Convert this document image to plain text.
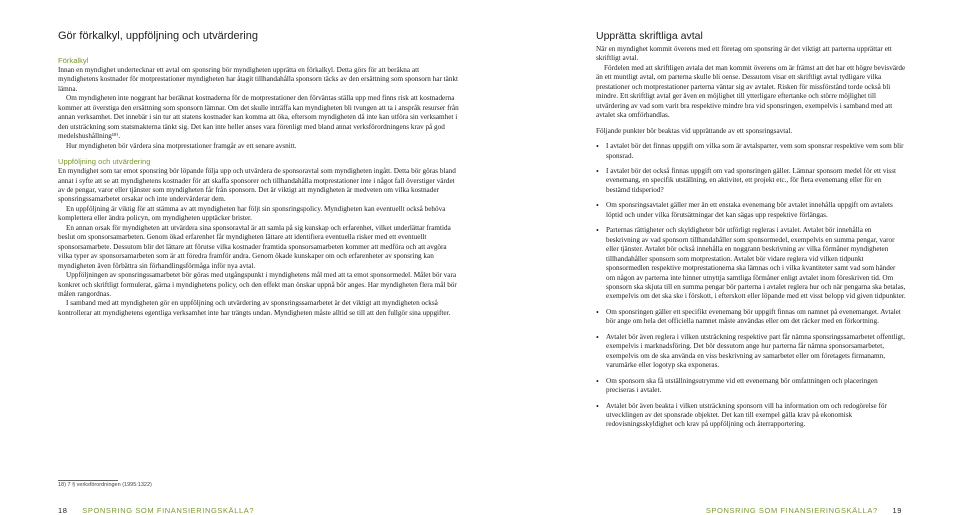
Gör förkalkyl, uppföljning och utvärdering
Förkalkyl

Innan en myndighet undertecknar ett avtal om sponsring bör myndigheten upprätta en förkalkyl. Detta görs för att beräkna att myndighetens kostnader för motprestationer myndigheten har åtagit tillhandahålla sponsorn täcks av den ersättning som sponsorn har tänkt lämna.

Om myndigheten inte noggrant har beräknat kostnaderna för de motprestationer den förväntas ställa upp med finns risk att kostnaderna kommer att överstiga den ersättning som sponsorn lämnar. Om det skulle inträffa kan myndigheten bli tvungen att ta i anspråk resurser från annan verksamhet. Det innebär i sin tur att statens kostnader kan komma att öka, eftersom myndigheten då inte kan utföra sin verksamhet i den utsträckning som statsmakterna tänkt sig. Det kan inte heller anses vara förenligt med bland annat verksförordningens krav på god medelshushållning¹⁸⁾.

Hur myndigheten bör värdera sina motprestationer framgår av ett senare avsnitt.

Uppföljning och utvärdering

En myndighet som tar emot sponsring bör löpande följa upp och utvärdera de sponsoravtal som myndigheten ingått. Detta bör göras bland annat i syfte att se att myndighetens kostnader för att skaffa sponsorer och tillhandahålla motprestationer inte i något fall överstiger värdet av de pengar, varor eller tjänster som myndigheten får från sponsorn. Det är viktigt att myndigheten är medveten om vilka kostnader sponsringssamarbetet orsakar och inte undervärderar dem.

En uppföljning är viktig för att stämma av att myndigheten har följt sin sponsringspolicy. Myndigheten kan eventuellt också behöva komplettera eller ändra policyn, om myndigheten upptäcker brister.

En annan orsak för myndigheten att utvärdera sina sponsoravtal är att samla på sig kunskap och erfarenhet, vilket underlättar framtida beslut om sponsorsamarbeten. Genom ökad erfarenhet får myndigheten lättare att identifiera eventuella risker med ett eventuellt sponsorsamarbete. Dessutom blir det lättare att förutse vilka kostnader framtida sponsorsamarbeten kommer att medföra och att avgöra vilka typer av sponsorsamarbeten som är att föredra framför andra. Genom ökade kunskaper om och erfarenheter av sponsring kan myndigheten även förbättra sin förhandlingsförmåga inför nya avtal.

Uppföljningen av sponsringssamarbetet bör göras med utgångspunkt i myndighetens mål med att ta emot sponsormedel. Målet bör vara konkret och skriftligt formulerat, gärna i myndighetens policy, och den effekt man önskar uppnå bör anges. Har myndigheten flera mål bör målen rangordnas.

I samband med att myndigheten gör en uppföljning och utvärdering av sponsringssamarbetet är det viktigt att myndigheten också kontrollerar att myndighetens egentliga verksamhet inte har trängts undan. Myndigheten måste alltid se till att den fullgör sina uppgifter.

18) 7 § verksförordningen (1995:1322)
Upprätta skriftliga avtal

När en myndighet kommit överens med ett företag om sponsring är det viktigt att parterna upprättar ett skriftligt avtal.

Fördelen med att skriftligen avtala det man kommit överens om är främst att det har ett högre bevisvärde än ett muntligt avtal, om parterna skulle bli oense. Dessutom visar ett skriftligt avtal tydligare vilka prestationer och motprestationer parterna väntar sig av avtalet. Risken för missförstånd torde också bli mindre. Ett skriftligt avtal ger även en möjlighet till ytterligare eftertanke och större möjlighet till utvärdering av vad som varit bra respektive mindre bra vid sponsringen, exempelvis i samband med att avtalet ska omförhandlas.

Följande punkter bör beaktas vid upprättande av ett sponsringsavtal.

• I avtalet bör det finnas uppgift om vilka som är avtalsparter, vem som sponsrar respektive vem som blir sponsrad.
• I avtalet bör det också finnas uppgift om vad sponsringen gäller. Lämnar sponsorn medel för ett visst evenemang, en specifik utställning, en aktivitet, ett projekt etc., för flera evenemang eller för en bestämd tidsperiod?
• Om sponsringsavtalet gäller mer än ett enstaka evenemang bör avtalet innehålla uppgift om avtalets löptid och under vilka förutsättningar det kan sägas upp respektive förlängas.
• Parternas rättigheter och skyldigheter bör utförligt regleras i avtalet. Avtalet bör innehålla en beskrivning av vad sponsorn tillhandahåller som sponsormedel, exempelvis en summa pengar, varor eller tjänster. Avtalet bör också innehålla en noggrann beskrivning av vilka förmåner myndigheten tillhandahåller sponsorn som motprestation. Avtalet bör vidare reglera vid vilken tidpunkt sponsormedlen respektive motprestationerna ska lämnas och i vilka kvantiteter samt vad som händer om någon av parterna inte hinner utnyttja samtliga förmåner enligt avtalet inom föreskriven tid. Om sponsorn ska skjuta till en summa pengar bör parterna i avtalet reglera hur och när pengarna ska betalas, exempelvis om det ska ske i förskott, i efterskott eller löpande med ett visst belopp vid given tidpunkter.
• Om sponsringen gäller ett specifikt evenemang bör uppgift finnas om namnet på evenemanget. Avtalet bör ange om hela det officiella namnet måste användas eller om det räcker med en förkortning.
• Avtalet bör även reglera i vilken utsträckning respektive part får nämna sponsringssamarbetet offentligt, exempelvis i marknadsföring. Det bör dessutom ange hur parterna får nämna sponsorsamarbetet, exempelvis om de ska använda en viss beskrivning av samarbetet eller om företagets firmanamn, varumärke eller logotyp ska exponeras.
• Om sponsorn ska få utställningsutrymme vid ett evenemang bör omfattningen och placeringen preciseras i avtalet.
• Avtalet bör även beakta i vilken utsträckning sponsorn vill ha information om och redogörelse för utvecklingen av det sponsrade objektet. Det kan till exempel gälla krav på ekonomisk redovisningsskyldighet och krav på uppföljning och återrapportering.
18 SPONSRING SOM FINANSIERINGSKÄLLA?	SPONSRING SOM FINANSIERINGSKÄLLA? 19
